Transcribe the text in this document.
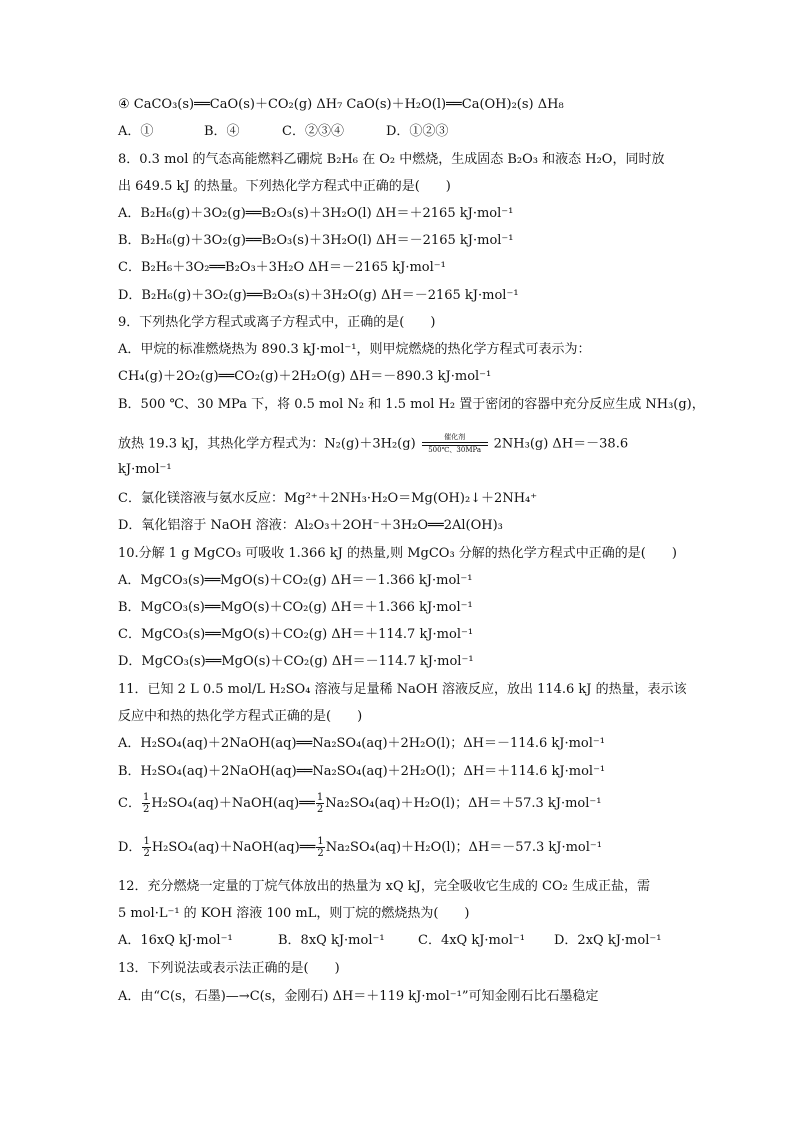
④ CaCO₃(s)══CaO(s)＋CO₂(g) ΔH₇ CaO(s)＋H₂O(l)══Ca(OH)₂(s) ΔH₈
A．①	B．④	C．②③④	D．①②③
8．0.3 mol 的气态高能燃料乙硼烷 B₂H₆ 在 O₂ 中燃烧，生成固态 B₂O₃ 和液态 H₂O，同时放
出 649.5 kJ 的热量。下列热化学方程式中正确的是(　　)
A．B₂H₆(g)＋3O₂(g)══B₂O₃(s)＋3H₂O(l) ΔH＝＋2165 kJ·mol⁻¹
B．B₂H₆(g)＋3O₂(g)══B₂O₃(s)＋3H₂O(l) ΔH＝－2165 kJ·mol⁻¹
C．B₂H₆＋3O₂══B₂O₃＋3H₂O ΔH＝－2165 kJ·mol⁻¹
D．B₂H₆(g)＋3O₂(g)══B₂O₃(s)＋3H₂O(g) ΔH＝－2165 kJ·mol⁻¹
9．下列热化学方程式或离子方程式中，正确的是(　　)
A．甲烷的标准燃烧热为 890.3 kJ·mol⁻¹，则甲烷燃烧的热化学方程式可表示为：
CH₄(g)＋2O₂(g)══CO₂(g)＋2H₂O(g) ΔH＝－890.3 kJ·mol⁻¹
B．500 ℃、30 MPa 下，将 0.5 mol N₂ 和 1.5 mol H₂ 置于密闭的容器中充分反应生成 NH₃(g)，
放热 19.3 kJ，其热化学方程式为：N₂(g)＋3H₂(g)	催化剂
500℃、30MPa 2NH₃(g) ΔH＝－38.6
kJ·mol⁻¹
C．氯化镁溶液与氨水反应：Mg²⁺＋2NH₃·H₂O＝Mg(OH)₂↓＋2NH₄⁺
D．氧化铝溶于 NaOH 溶液：Al₂O₃＋2OH⁻＋3H₂O══2Al(OH)₃
10.分解 1 g MgCO₃ 可吸收 1.366 kJ 的热量,则 MgCO₃ 分解的热化学方程式中正确的是(　　)
A．MgCO₃(s)══MgO(s)＋CO₂(g) ΔH＝－1.366 kJ·mol⁻¹
B．MgCO₃(s)══MgO(s)＋CO₂(g) ΔH＝＋1.366 kJ·mol⁻¹
C．MgCO₃(s)══MgO(s)＋CO₂(g) ΔH＝＋114.7 kJ·mol⁻¹
D．MgCO₃(s)══MgO(s)＋CO₂(g) ΔH＝－114.7 kJ·mol⁻¹
11．已知 2 L 0.5 mol/L H₂SO₄ 溶液与足量稀 NaOH 溶液反应，放出 114.6 kJ 的热量，表示该
反应中和热的热化学方程式正确的是(　　)
A．H₂SO₄(aq)＋2NaOH(aq)══Na₂SO₄(aq)＋2H₂O(l)；ΔH＝－114.6 kJ·mol⁻¹
B．H₂SO₄(aq)＋2NaOH(aq)══Na₂SO₄(aq)＋2H₂O(l)；ΔH＝＋114.6 kJ·mol⁻¹
C． $\frac{1}{2}$ H₂SO₄(aq)＋NaOH(aq)══ $\frac{1}{2} Na_2SO_4(aq)+H_2O(l)$；ΔH＝＋57.3 kJ·mol⁻¹
D． $\frac{1}{2}$ H₂SO₄(aq)＋NaOH(aq)══ $\frac{1}{2} Na_2SO_4(aq)+H_2O(l)$；ΔH＝－57.3 kJ·mol⁻¹
12．充分燃烧一定量的丁烷气体放出的热量为 xQ kJ，完全吸收它生成的 CO₂ 生成正盐，需
5 mol·L⁻¹ 的 KOH 溶液 100 mL，则丁烷的燃烧热为(　　)
A．16xQ kJ·mol⁻¹	B．8xQ kJ·mol⁻¹	C．4xQ kJ·mol⁻¹ D．2xQ kJ·mol⁻¹
13．下列说法或表示法正确的是(　　)
A．由“C(s，石墨)—→C(s，金刚石) ΔH＝＋119 kJ·mol⁻¹”可知金刚石比石墨稳定
